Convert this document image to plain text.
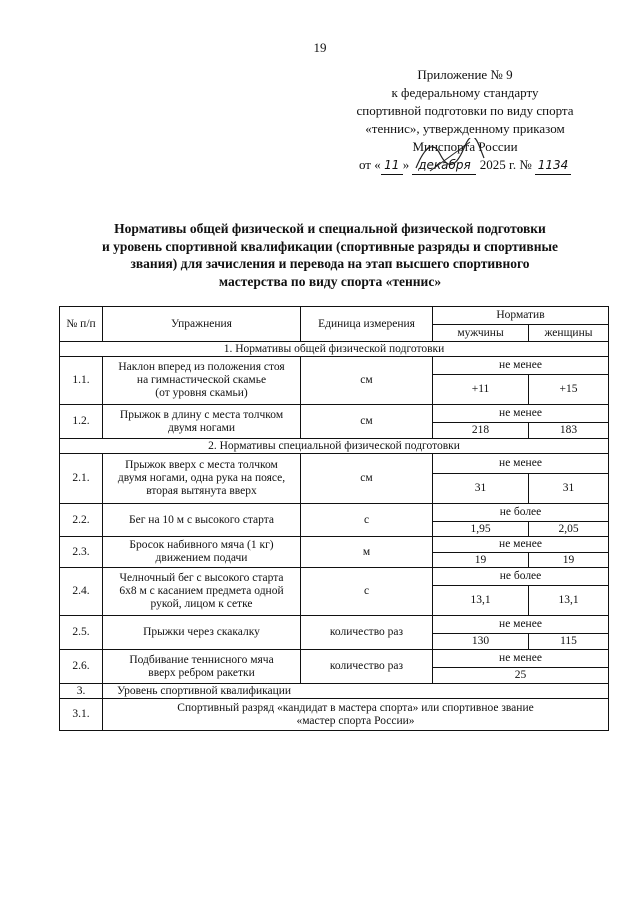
19
Приложение № 9
к федеральному стандарту
спортивной подготовки по виду спорта
«теннис», утвержденному приказом
Минспорта России
от « 11 » декабря 2025 г. № 1134
Нормативы общей физической и специальной физической подготовки
и уровень спортивной квалификации (спортивные разряды и спортивные
звания) для зачисления и перевода на этап высшего спортивного
мастерства по виду спорта «теннис»
№ п/п	Упражнения	Единица измерения	Норматив	
			мужчины	женщины
1. Нормативы общей физической подготовки				
1.1.	Наклон вперед из положения стоя
на гимнастической скамье
(от уровня скамьи)	см	не менее	
			+11	+15
1.2.	Прыжок в длину с места толчком
двумя ногами	см	не менее	
			218	183
2. Нормативы специальной физической подготовки				
2.1.	Прыжок вверх с места толчком
двумя ногами, одна рука на поясе,
вторая вытянута вверх	см	не менее	
			31	31
2.2.	Бег на 10 м с высокого старта	с	не более	
			1,95	2,05
2.3.	Бросок набивного мяча (1 кг)
движением подачи	м	не менее	
			19	19
2.4.	Челночный бег с высокого старта
6х8 м с касанием предмета одной
рукой, лицом к сетке	с	не более	
			13,1	13,1
2.5.	Прыжки через скакалку	количество раз	не менее	
			130	115
2.6.	Подбивание теннисного мяча
вверх ребром ракетки	количество раз	не менее	
			25	
3.	Уровень спортивной квалификации			
3.1.	Спортивный разряд «кандидат в мастера спорта» или спортивное звание
«мастер спорта России»			
